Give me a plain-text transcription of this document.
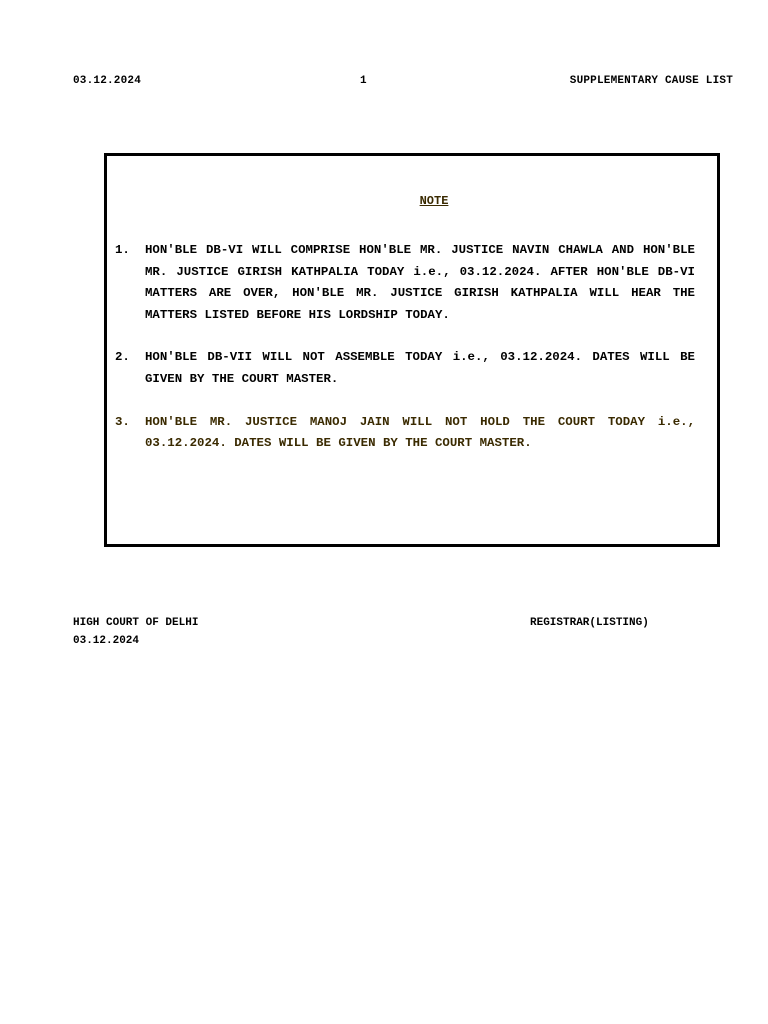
03.12.2024	1	SUPPLEMENTARY CAUSE LIST
NOTE
1. HON'BLE DB-VI WILL COMPRISE HON'BLE MR. JUSTICE NAVIN CHAWLA AND HON'BLE MR. JUSTICE GIRISH KATHPALIA TODAY i.e., 03.12.2024. AFTER HON'BLE DB-VI MATTERS ARE OVER, HON'BLE MR. JUSTICE GIRISH KATHPALIA WILL HEAR THE MATTERS LISTED BEFORE HIS LORDSHIP TODAY.
2. HON'BLE DB-VII WILL NOT ASSEMBLE TODAY i.e., 03.12.2024. DATES WILL BE GIVEN BY THE COURT MASTER.
3. HON'BLE MR. JUSTICE MANOJ JAIN WILL NOT HOLD THE COURT TODAY i.e., 03.12.2024. DATES WILL BE GIVEN BY THE COURT MASTER.
HIGH COURT OF DELHI
03.12.2024
REGISTRAR(LISTING)
